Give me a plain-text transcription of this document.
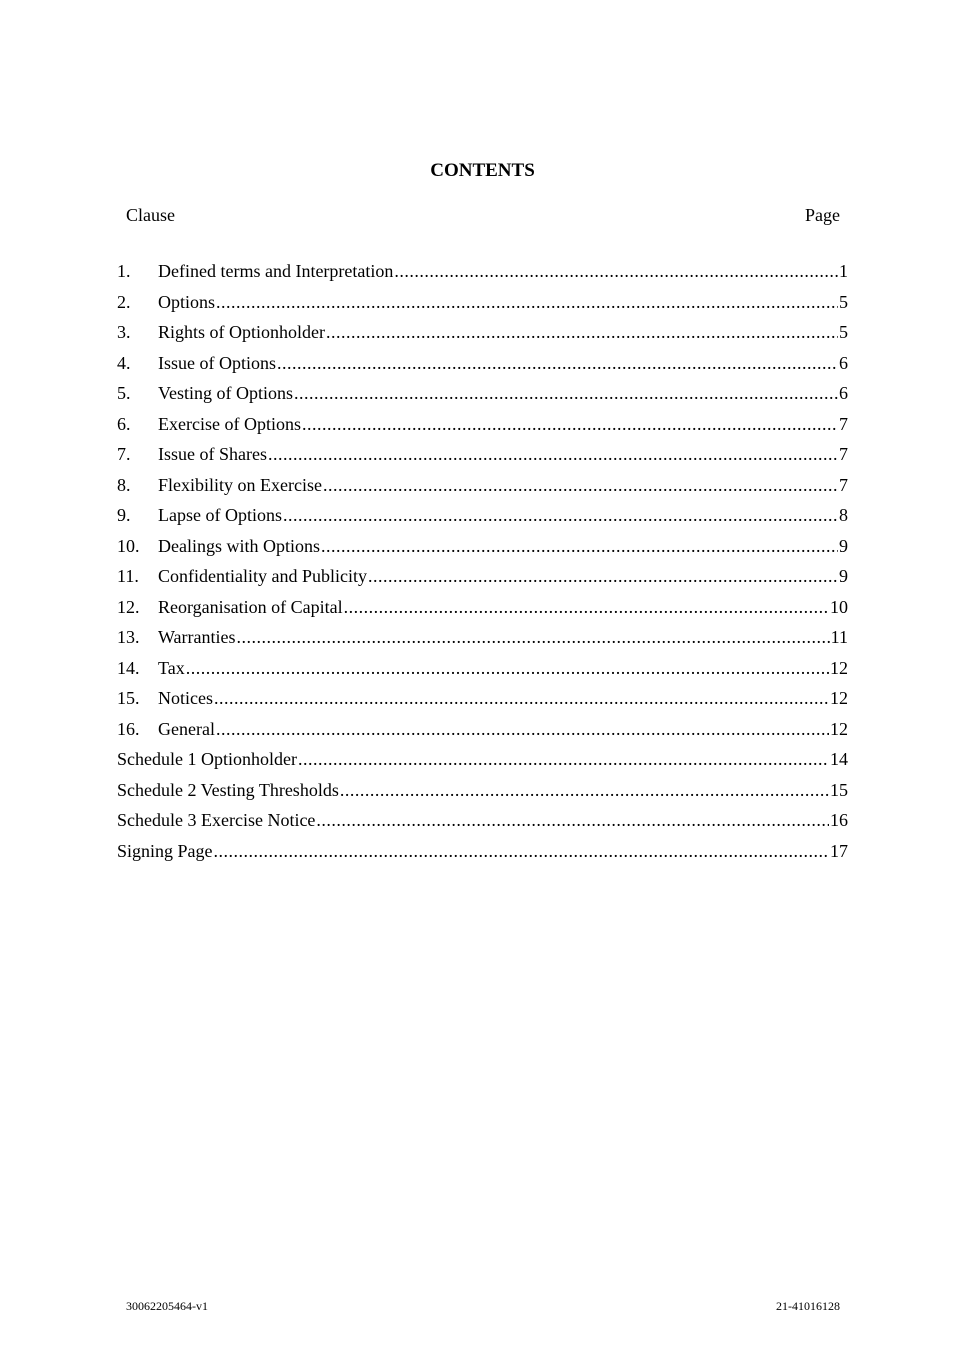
CONTENTS
Clause	Page
1.	Defined terms and Interpretation .....	1
2.	Options .....	5
3.	Rights of Optionholder .....	5
4.	Issue of Options .....	6
5.	Vesting of Options .....	6
6.	Exercise of Options .....	7
7.	Issue of Shares .....	7
8.	Flexibility on Exercise .....	7
9.	Lapse of Options .....	8
10.	Dealings with Options .....	9
11.	Confidentiality and Publicity .....	9
12.	Reorganisation of Capital .....	10
13.	Warranties .....	11
14.	Tax .....	12
15.	Notices .....	12
16.	General .....	12
Schedule 1 Optionholder .....	14
Schedule 2 Vesting Thresholds .....	15
Schedule 3 Exercise Notice .....	16
Signing Page .....	17
30062205464-v1	21-41016128
